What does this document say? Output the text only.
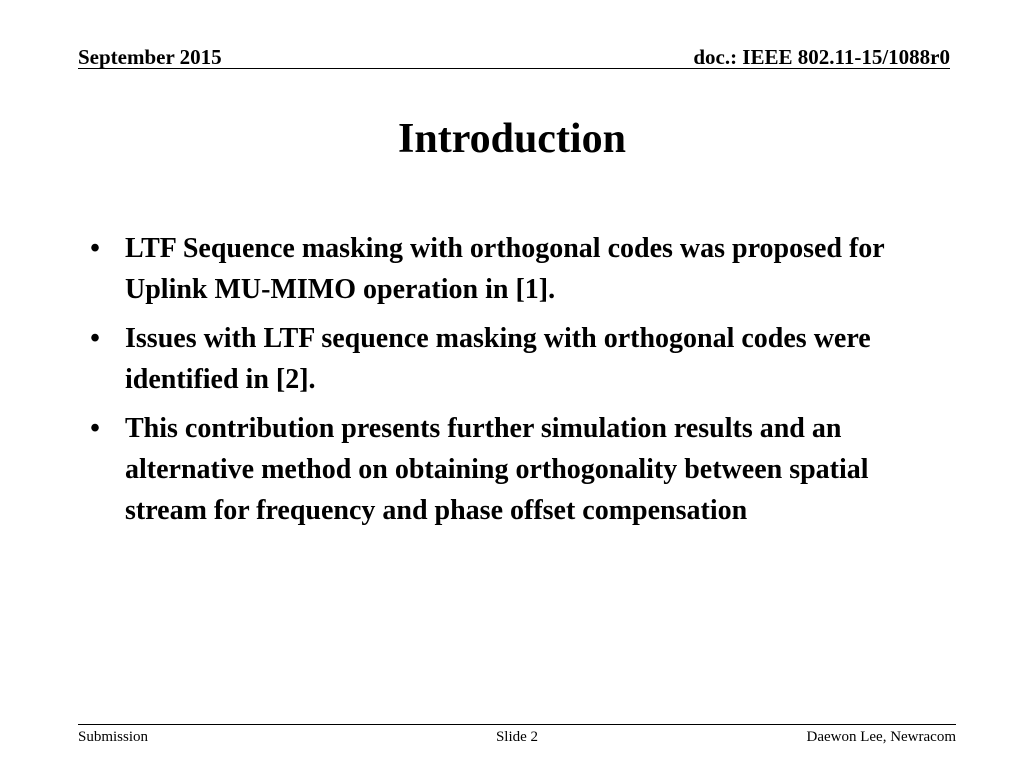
September 2015	doc.: IEEE 802.11-15/1088r0
Introduction
• LTF Sequence masking with orthogonal codes was proposed for Uplink MU-MIMO operation in [1].
• Issues with LTF sequence masking with orthogonal codes were identified in [2].
• This contribution presents further simulation results and an alternative method on obtaining orthogonality between spatial stream for frequency and phase offset compensation
Submission	Slide 2	Daewon Lee, Newracom
